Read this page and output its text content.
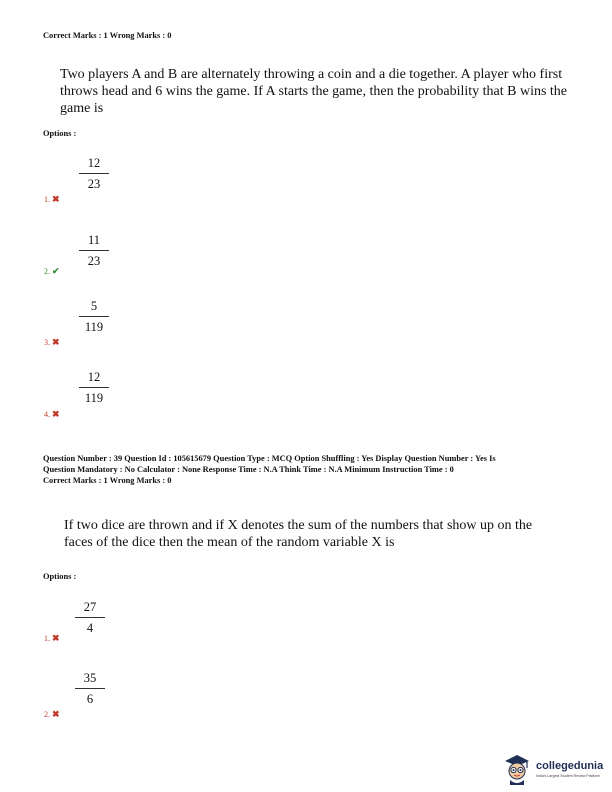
Correct Marks : 1 Wrong Marks : 0
Two players A and B are alternately throwing a coin and a die together. A player who first
throws head and 6 wins the game. If A starts the game, then the probability that B wins the
game is
Options :
12
23
1. ✖
11
23
2. ✔
5
119
3. ✖
12
119
4. ✖
Question Number : 39 Question Id : 105615679 Question Type : MCQ Option Shuffling : Yes Display Question Number : Yes Is
Question Mandatory : No Calculator : None Response Time : N.A Think Time : N.A Minimum Instruction Time : 0
Correct Marks : 1 Wrong Marks : 0
If two dice are thrown and if X denotes the sum of the numbers that show up on the
faces of the dice then the mean of the random variable X is
Options :
27
4
1. ✖
35
6
2. ✖
collegedunia
India's Largest Student Review Platform
